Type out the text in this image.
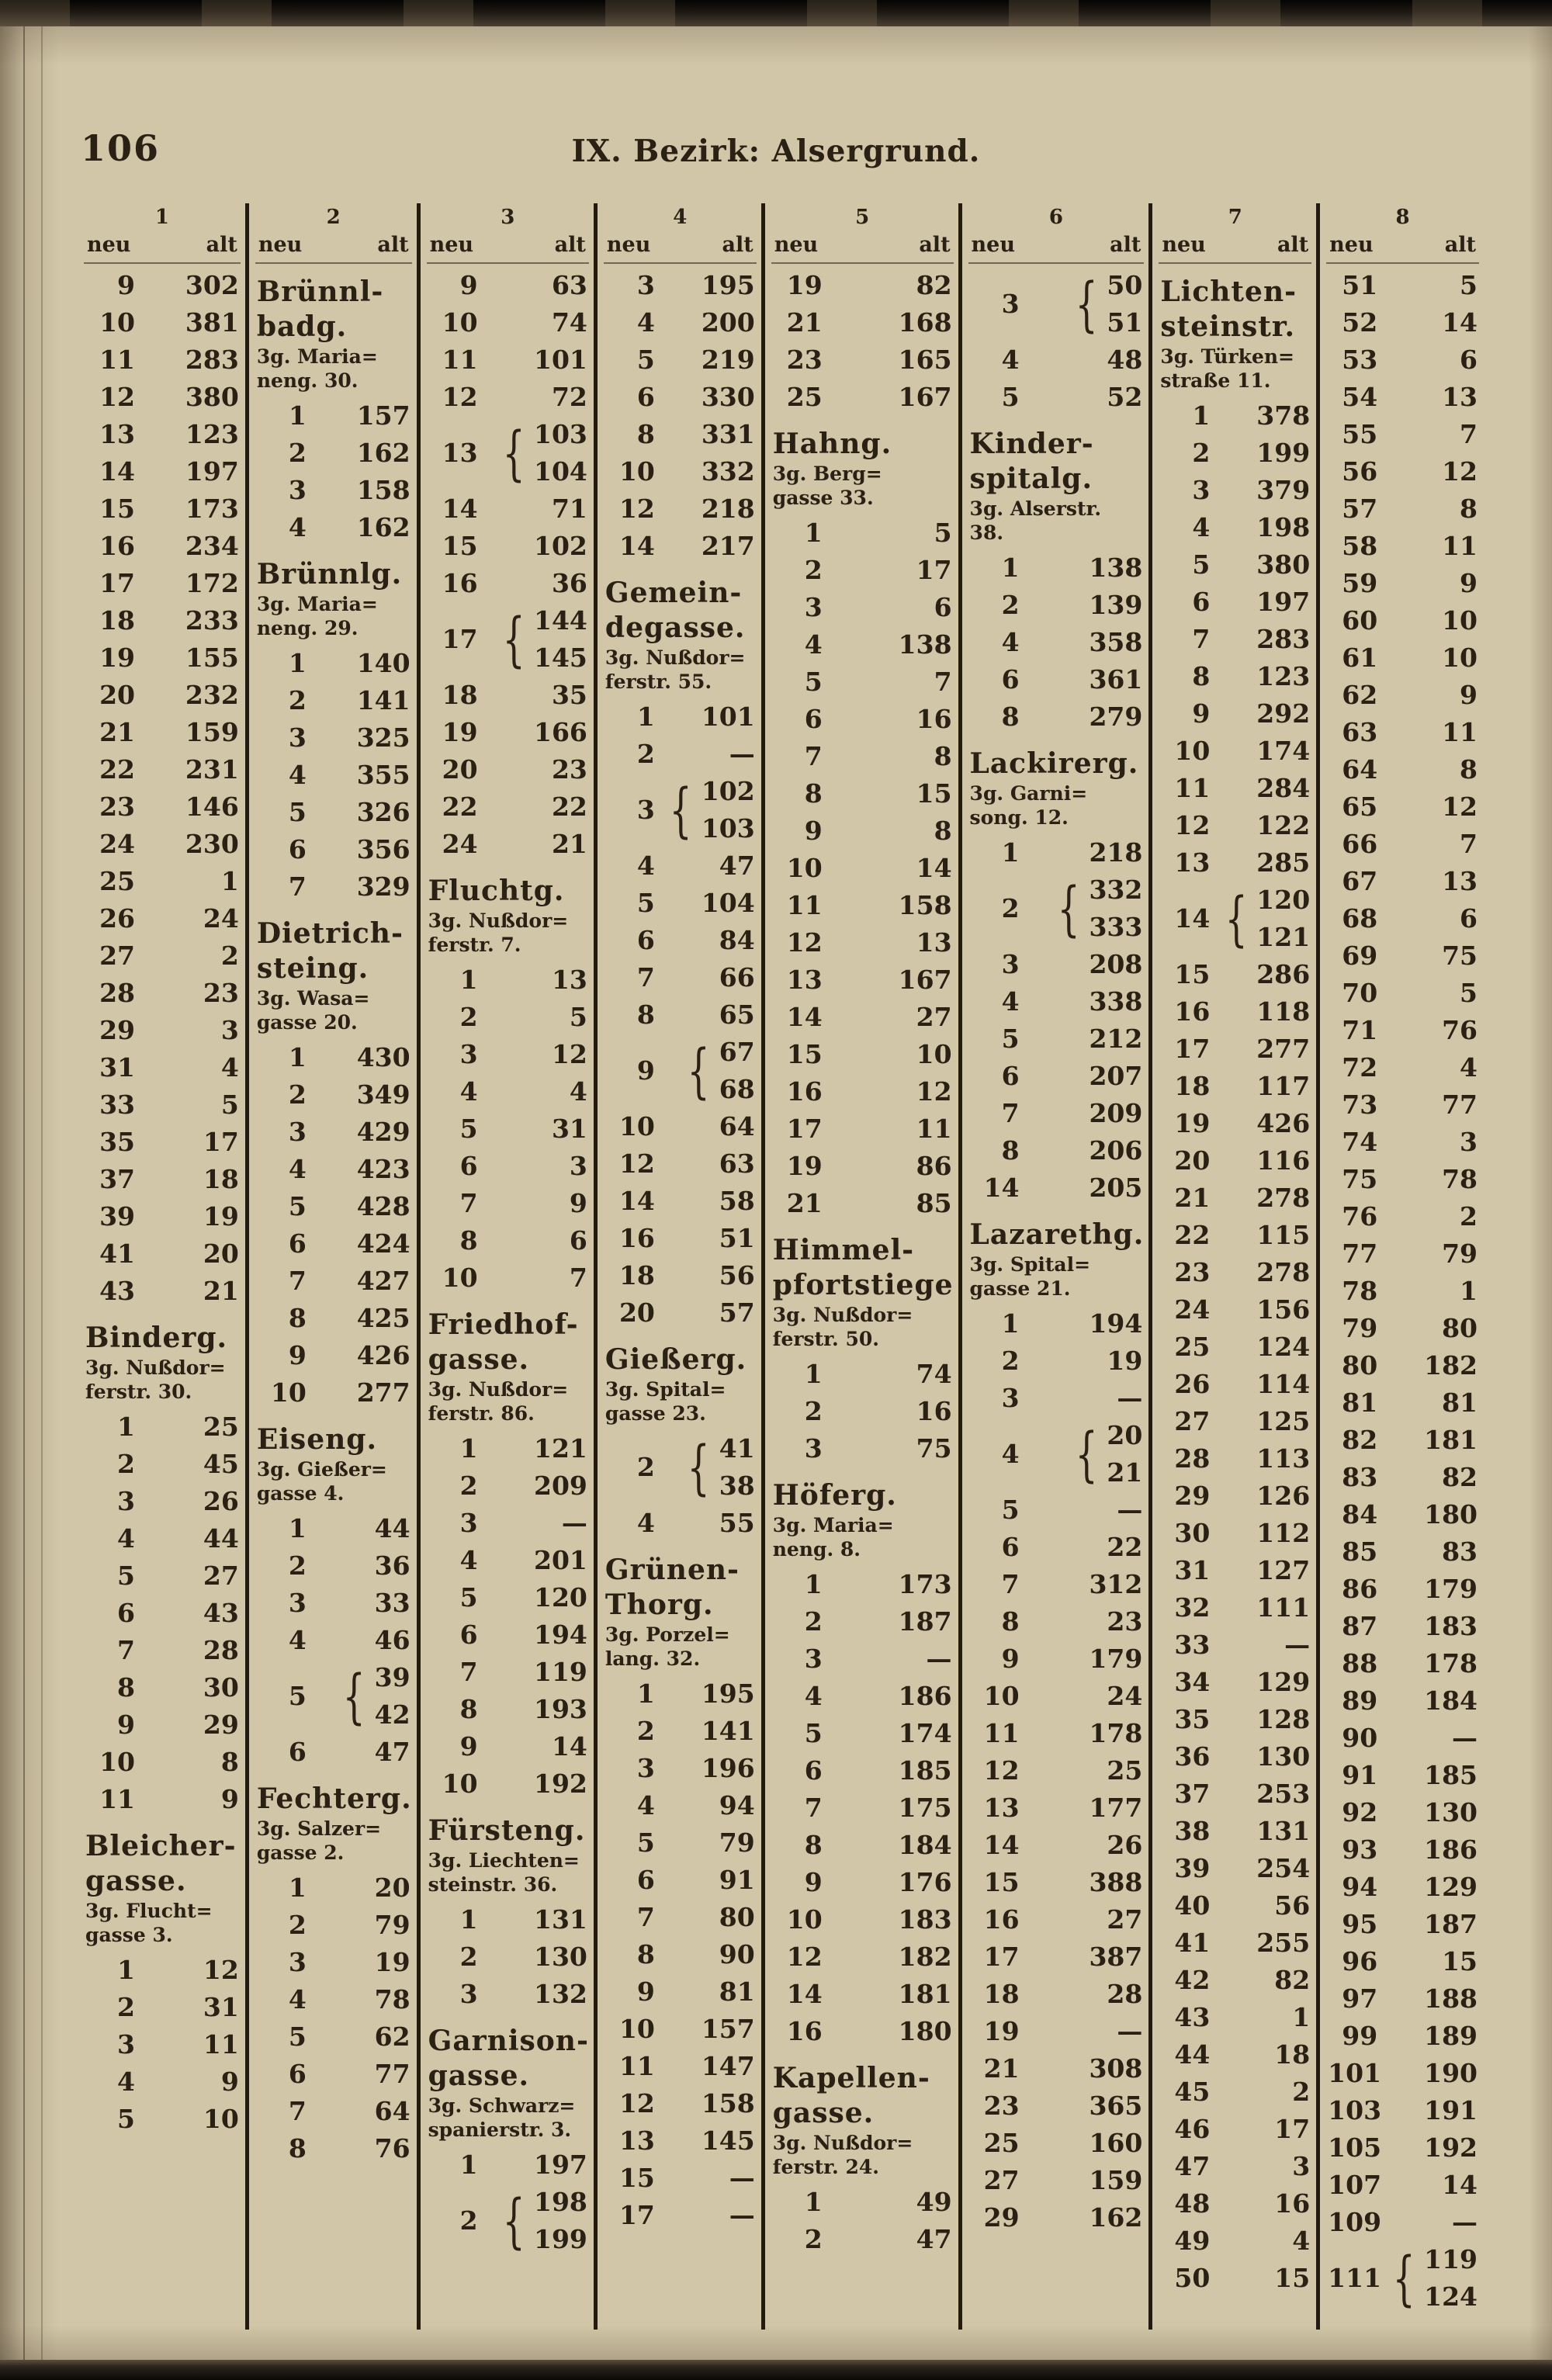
106	IX. Bezirk: Alsergrund.
1
neu	alt
9 302
10 381
11 283
12 380
13 123
14 197
15 173
16 234
17 172
18 233
19 155
20 232
21 159
22 231
23 146
24 230
25	1
26	24
27	2
28	23
29	3
31	4
33	5
35	17
37	18
39	19
41	20
43	21
Binderg.
3g. Nußdor=
ferstr. 30.
1	25
2	45
3	26
4	44
5	27
6	43
7	28
8	30
9	29
10	8
11	9
Bleicher-
gasse.
3g. Flucht=
gasse 3.
1	12
2	31
3	11
4	9
5	10
2
neu	alt
Brünnl-
badg.
3g. Maria=
neng. 30.
1 157
2 162
3 158
4 162
Brünnlg.
3g. Maria=
neng. 29.
1 140
2 141
3 325
4 355
5 326
6 356
7 329
Dietrich-
steing.
3g. Wasa=
gasse 20.
1 430
2 349
3 429
4 423
5 428
6 424
7 427
8 425
9 426
10 277
Eiseng.
3g. Gießer=
gasse 4.
1	44
2	36
3	33
4	46
5 { 39
42
6	47
Fechterg.
3g. Salzer=
gasse 2.
1	20
2	79
3	19
4	78
5	62
6	77
7	64
8	76
3
neu	alt
9	63
10	74
11 101
12	72
13 { 103
104
14	71
15 102
16	36
17 { 144
145
18	35
19 166
20	23
22	22
24	21
Fluchtg.
3g. Nußdor=
ferstr. 7.
1	13
2	5
3	12
4	4
5	31
6	3
7	9
8	6
10	7
Friedhof-
gasse.
3g. Nußdor=
ferstr. 86.
1 121
2 209
3	—
4 201
5 120
6 194
7 119
8 193
9	14
10 192
Fürsteng.
3g. Liechten=
steinstr. 36.
1 131
2 130
3 132
Garnison-
gasse.
3g. Schwarz=
spanierstr. 3.
1 197
2 { 198
199
4
neu	alt
3 195
4 200
5 219
6 330
8 331
10 332
12 218
14 217
Gemein-
degasse.
3g. Nußdor=
ferstr. 55.
1 101
2	—
3 { 102
103
4	47
5 104
6	84
7	66
8	65
9 { 67
68
10	64
12	63
14	58
16	51
18	56
20	57
Gießerg.
3g. Spital=
gasse 23.
2 { 41
38
4	55
Grünen-
Thorg.
3g. Porzel=
lang. 32.
1 195
2 141
3 196
4	94
5	79
6	91
7	80
8	90
9	81
10 157
11 147
12 158
13 145
15	—
17	—
5
neu	alt
19	82
21	168
23	165
25	167
Hahng.
3g. Berg=
gasse 33.
1	5
2	17
3	6
4	138
5	7
6	16
7	8
8	15
9	8
10	14
11	158
12	13
13	167
14	27
15	10
16	12
17	11
19	86
21	85
Himmel-
pfortstiege
3g. Nußdor=
ferstr. 50.
1	74
2	16
3	75
Höferg.
3g. Maria=
neng. 8.
1	173
2	187
3	—
4	186
5	174
6	185
7	175
8	184
9	176
10	183
12	182
14	181
16	180
Kapellen-
gasse.
3g. Nußdor=
ferstr. 24.
1	49
2	47
6
neu	alt
3 { 50
51
4	48
5	52
Kinder-
spitalg.
3g. Alserstr.
38.
1	138
2	139
4	358
6	361
8	279
Lackirerg.
3g. Garni=
song. 12.
1	218
2 { 332
333
3	208
4	338
5	212
6	207
7	209
8	206
14	205
Lazarethg.
3g. Spital=
gasse 21.
1	194
2	19
3	—
4 { 20
21
5	—
6	22
7	312
8	23
9	179
10	24
11	178
12	25
13	177
14	26
15	388
16	27
17	387
18	28
19	—
21	308
23	365
25	160
27	159
29	162
7
neu	alt
Lichten-
steinstr.
3g. Türken=
straße 11.
1 378
2 199
3 379
4 198
5 380
6 197
7 283
8 123
9 292
10 174
11 284
12 122
13 285
14 { 120
121
15 286
16 118
17 277
18 117
19 426
20 116
21 278
22 115
23 278
24 156
25 124
26 114
27 125
28 113
29 126
30 112
31 127
32 111
33	—
34 129
35 128
36 130
37 253
38 131
39 254
40	56
41 255
42	82
43	1
44	18
45	2
46	17
47	3
48	16
49	4
50	15
8
neu	alt
51	5
52	14
53	6
54	13
55	7
56	12
57	8
58	11
59	9
60	10
61	10
62	9
63	11
64	8
65	12
66	7
67	13
68	6
69	75
70	5
71	76
72	4
73	77
74	3
75	78
76	2
77	79
78	1
79	80
80 182
81	81
82 181
83	82
84 180
85	83
86 179
87 183
88 178
89 184
90	—
91 185
92 130
93 186
94 129
95 187
96	15
97 188
99 189
101 190
103 191
105 192
107 14
109	—
111 { 119
124
